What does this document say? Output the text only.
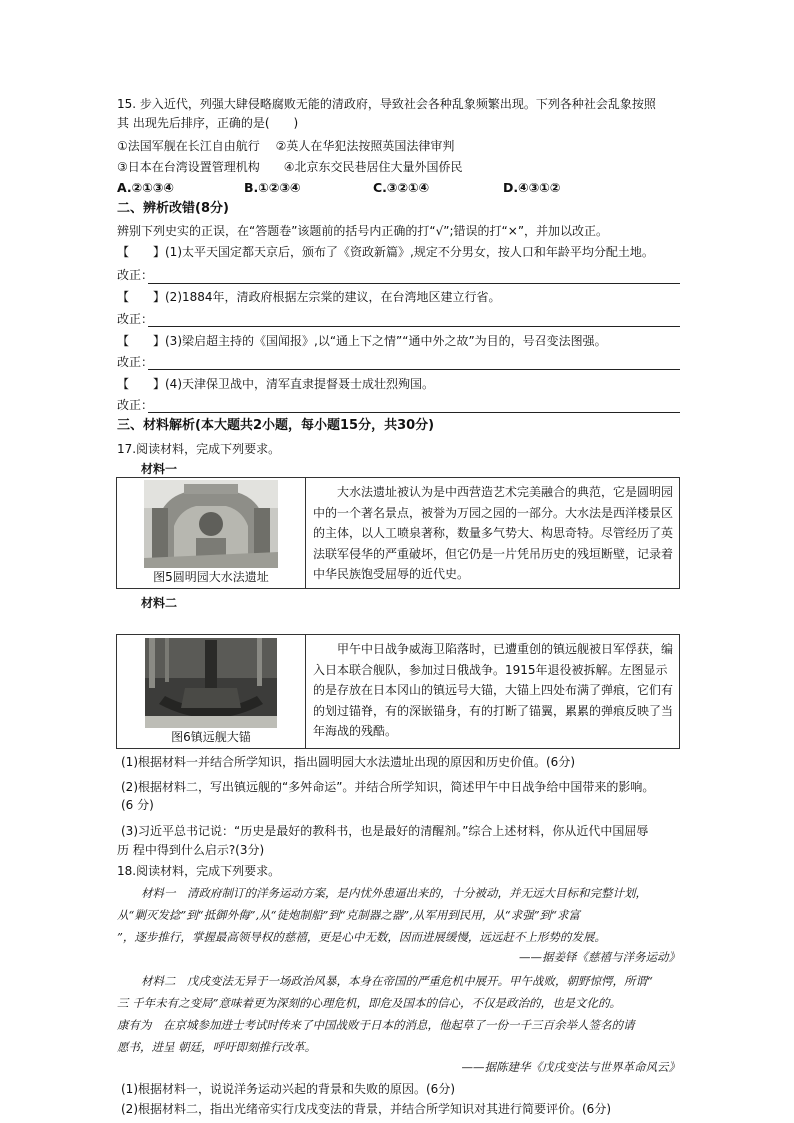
15. 步入近代，列强大肆侵略腐败无能的清政府，导致社会各种乱象频繁出现。下列各种社会乱象按照
其 出现先后排序，正确的是(　　)
①法国军舰在长江自由航行　 ②英人在华犯法按照英国法律审判
③日本在台湾设置管理机构　　④北京东交民巷居住大量外国侨民
A.②①③④	B.①②③④	C.③②①④	D.④③①②
二、辨析改错(8分)
辨别下列史实的正误，在“答题卷”该题前的括号内正确的打“√”;错误的打“×”，并加以改正。
【　　】(1)太平天国定都天京后，颁布了《资政新篇》,规定不分男女，按人口和年龄平均分配土地。
改正：
【　　】(2)1884年，清政府根据左宗棠的建议，在台湾地区建立行省。
改正：
【　　】(3)梁启超主持的《国闻报》,以“通上下之情”“通中外之故”为目的，号召变法图强。
改正：
【　　】(4)天津保卫战中，清军直隶提督聂士成壮烈殉国。
改正：
三、材料解析(本大题共2小题，每小题15分，共30分)
17.阅读材料，完成下列要求。
材料一
图5圆明园大水法遗址
大水法遗址被认为是中西营造艺术完美融合的典范，它是圆明园中的一个著名景点，被誉为万园之园的一部分。大水法是西洋楼景区的主体，以人工喷泉著称，数量多气势大、构思奇特。尽管经历了英法联军侵华的严重破坏，但它仍是一片凭吊历史的残垣断壁，记录着中华民族饱受屈辱的近代史。
材料二
图6镇远舰大锚
甲午中日战争威海卫陷落时，已遭重创的镇远舰被日军俘获，编入日本联合舰队，参加过日俄战争。1915年退役被拆解。左图显示的是存放在日本冈山的镇远号大锚，大锚上四处布满了弹痕，它们有的划过锚脊，有的深嵌锚身，有的打断了锚翼，累累的弹痕反映了当年海战的残酷。
(1)根据材料一并结合所学知识，指出圆明园大水法遗址出现的原因和历史价值。(6分)
(2)根据材料二，写出镇远舰的“多舛命运”。并结合所学知识，简述甲午中日战争给中国带来的影响。
(6 分)
(3)习近平总书记说：“历史是最好的教科书，也是最好的清醒剂。”综合上述材料，你从近代中国屈辱
历 程中得到什么启示?(3分)
18.阅读材料，完成下列要求。
材料一　清政府制订的洋务运动方案，是内忧外患逼出来的，十分被动，并无远大目标和完整计划，
从“剿灭发捻”到“抵御外侮”,从“徒炮制船”到“克制器之器”,从军用到民用，从“求强”到“求富
”，逐步推行，掌握最高领导权的慈禧，更是心中无数，因而进展缓慢，远远赶不上形势的发展。
——据姜铎《慈禧与洋务运动》
材料二　戊戌变法无异于一场政治风暴，本身在帝国的严重危机中展开。甲午战败，朝野惊愕，所谓“
三 千年未有之变局”意味着更为深刻的心理危机，即危及国本的信心，不仅是政治的，也是文化的。
康有为　在京城参加进士考试时传来了中国战败于日本的消息，他起草了一份一千三百余举人签名的请
愿书，进呈 朝廷，呼吁即刻推行改革。
——据陈建华《戊戌变法与世界革命风云》
(1)根据材料一，说说洋务运动兴起的背景和失败的原因。(6分)
(2)根据材料二，指出光绪帝实行戊戌变法的背景，并结合所学知识对其进行简要评价。(6分)
